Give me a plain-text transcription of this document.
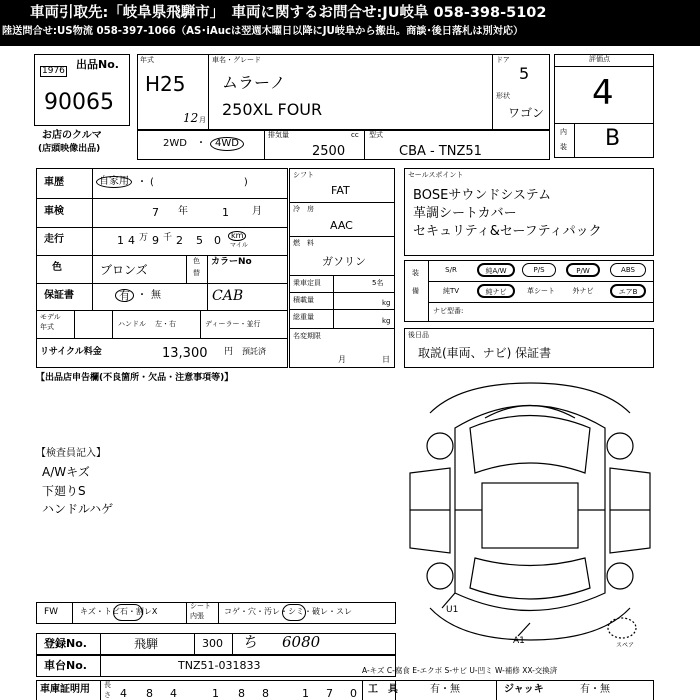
車両引取先:「岐阜県飛騨市」　車両に関するお問合せ:JU岐阜 058-398-5102
陸送問合せ:US物流 058-397-1066（AS･iAucは翌週木曜日以降にJU岐阜から搬出。商談･後日落札は別対応）
出品No.
1976
90065
お店のクルマ
(店頭映像出品)
年式
H25
12 月
車名・グレード
ムラーノ
250XL FOUR
ドア
5
形状
ワゴン
2WD ・ 4WD
排気量	cc
2500
型式
CBA - TNZ51
評価点
4
内
装 B
車歴	自家用 ・ (　　　　　　　　　)
車検	7 年	1 月
走行	1 4 万 9 千 2 5 0	km
マイル
色	ブロンズ
色
替
カラーNo
CAB
保証書	有 ・ 無
モデル
年式	ハンドル 左・右	ディーラー・並行
リサイクル料金	13,300 円 預託済
シフト
FAT
冷　房
AAC
燃　料
ガソリン
乗車定員	5名
積載量	kg
総重量	kg
名変期限
月	日
セールスポイント
BOSEサウンドシステム
革調シートカバー
セキュリティ&セーフティパック
装
備
S/R	純A/W	P/S	P/W	ABS
純TV	純ナビ	革シート	外ナビ	エアB
ナビ型番:
後日品
取説(車両、ナビ) 保証書
【出品店申告欄(不良箇所・欠品・注意事項等)】
【検査員記入】
A/Wキズ
下廻りS
ハンドルハゲ
U1
A1	スペア
FW	キズ・トビ石・割レX
シート
内張	コゲ・穴・汚レ・シミ・破レ・スレ
登録No.	飛騨	300 ち 6080
車台No.	TNZ51-031833	A-キズ C-腐食 E-エクボ S-サビ U-凹ミ W-補修 XX-交換済
車庫証明用 長
さ 4 8 4	1 8 8	1 7 0 工　具	有・無	ジャッキ	有・無
